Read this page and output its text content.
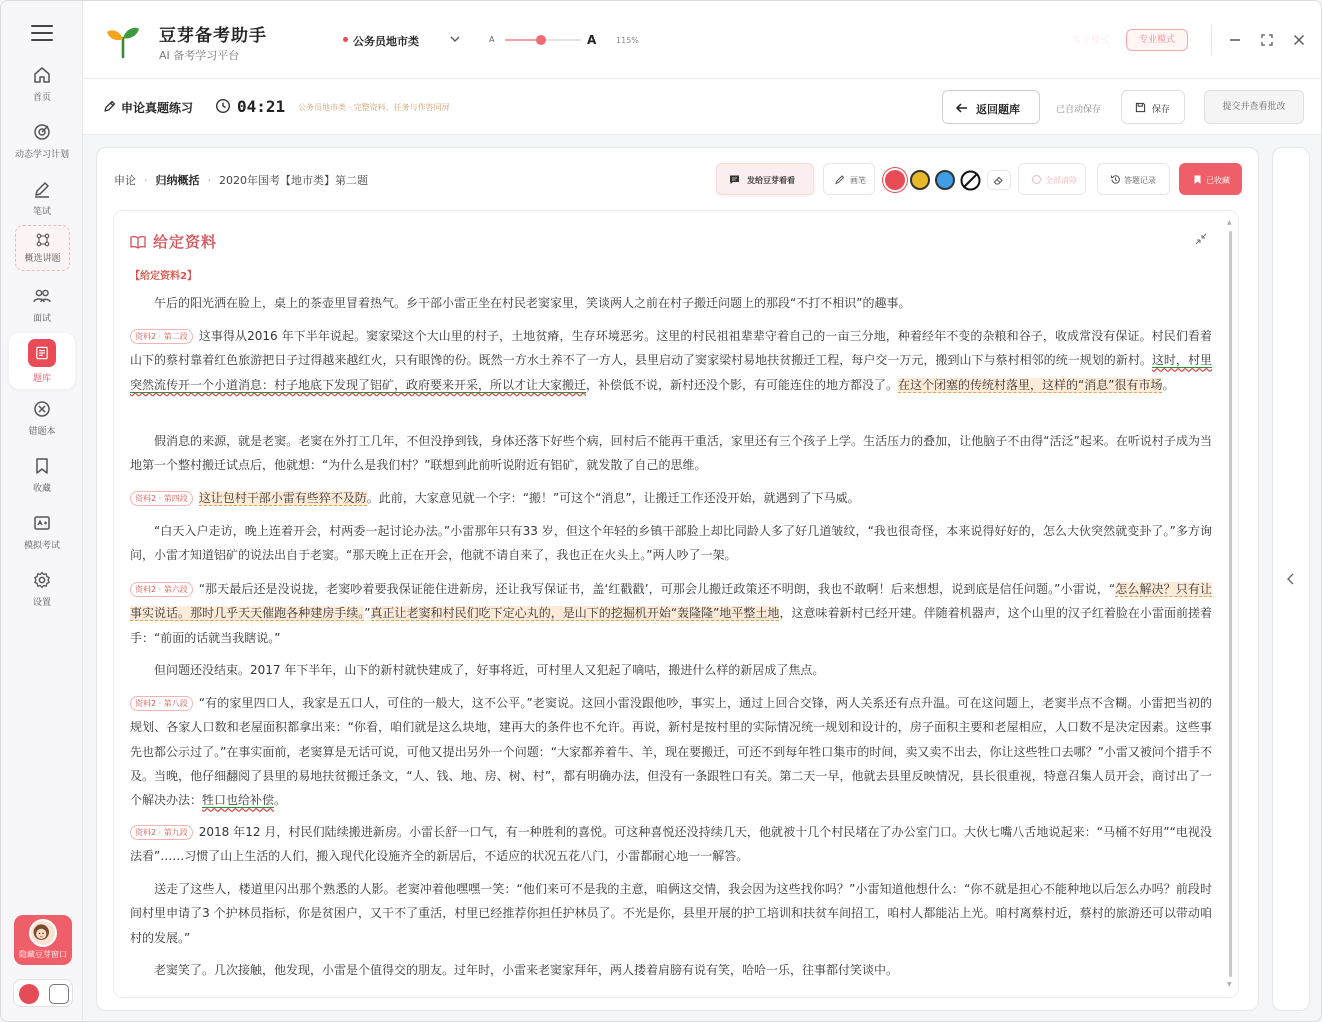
首页
动态学习计划
笔试
概选讲题
面试
题库
错题本
收藏
模拟考试
设置
隐藏豆芽窗口
豆芽备考助手
AI 备考学习平台
公务员地市类	A	A 115%	专业模式	专业模式
申论真题练习	04:21 公务员地市类 · 完整资料、任务与作答同屏	返回题库	已自动保存	保存	提交并查看批改
申论 · 归纳概括 · 2020年国考【地市类】第二题	发给豆芽看看	画笔	全部清除	答题记录	已收藏
给定资料
【给定资料2】
午后的阳光洒在脸上，桌上的茶壶里冒着热气。乡干部小雷正坐在村民老窦家里，笑谈两人之前在村子搬迁问题上的那段“不打不相识”的趣事。
资料2 · 第二段 这事得从2016 年下半年说起。窦家梁这个大山里的村子，土地贫瘠，生存环境恶劣。这里的村民祖祖辈辈守着自己的一亩三分地，种着经年不变的杂粮和谷子，收成常没有保证。村民们看着山下的蔡村靠着红色旅游把日子过得越来越红火，只有眼馋的份。既然一方水土养不了一方人，县里启动了窦家梁村易地扶贫搬迁工程，每户交一万元，搬到山下与蔡村相邻的统一规划的新村。这时，村里突然流传开一个小道消息：村子地底下发现了铝矿，政府要来开采，所以才让大家搬迁，补偿低不说，新村还没个影，有可能连住的地方都没了。在这个闭塞的传统村落里，这样的“消息”很有市场。
假消息的来源，就是老窦。老窦在外打工几年，不但没挣到钱，身体还落下好些个病，回村后不能再干重活，家里还有三个孩子上学。生活压力的叠加，让他脑子不由得“活泛”起来。在听说村子成为当地第一个整村搬迁试点后，他就想：“为什么是我们村？”联想到此前听说附近有铝矿，就发散了自己的思维。
资料2 · 第四段 这让包村干部小雷有些猝不及防。此前，大家意见就一个字：“搬！”可这个“消息”，让搬迁工作还没开始，就遇到了下马威。
“白天入户走访，晚上连着开会，村两委一起讨论办法。”小雷那年只有33 岁，但这个年轻的乡镇干部脸上却比同龄人多了好几道皱纹，“我也很奇怪，本来说得好好的，怎么大伙突然就变卦了。”多方询问，小雷才知道铝矿的说法出自于老窦。“那天晚上正在开会，他就不请自来了，我也正在火头上。”两人吵了一架。
资料2 · 第六段 “那天最后还是没说拢，老窦吵着要我保证能住进新房，还让我写保证书，盖‘红戳戳’，可那会儿搬迁政策还不明朗，我也不敢啊！后来想想，说到底是信任问题。”小雷说，“怎么解决？只有让事实说话。那时几乎天天催跑各种建房手续。”真正让老窦和村民们吃下定心丸的，是山下的挖掘机开始“轰隆隆”地平整土地，这意味着新村已经开建。伴随着机器声，这个山里的汉子红着脸在小雷面前搓着手：“前面的话就当我瞎说。”
但问题还没结束。2017 年下半年，山下的新村就快建成了，好事将近，可村里人又犯起了嘀咕，搬进什么样的新居成了焦点。
资料2 · 第八段 “有的家里四口人，我家是五口人，可住的一般大，这不公平。”老窦说。这回小雷没跟他吵，事实上，通过上回合交锋，两人关系还有点升温。可在这问题上，老窦半点不含糊。小雷把当初的规划、各家人口数和老屋面积都拿出来：“你看，咱们就是这么块地，建再大的条件也不允许。再说，新村是按村里的实际情况统一规划和设计的，房子面积主要和老屋相应，人口数不是决定因素。这些事先也都公示过了。”在事实面前，老窦算是无话可说，可他又提出另外一个问题：“大家都养着牛、羊，现在要搬迁，可还不到每年牲口集市的时间，卖又卖不出去，你让这些牲口去哪？”小雷又被问个措手不及。当晚，他仔细翻阅了县里的易地扶贫搬迁条文，“人、钱、地、房、树、村”，都有明确办法，但没有一条跟牲口有关。第二天一早，他就去县里反映情况，县长很重视，特意召集人员开会，商讨出了一个解决办法：牲口也给补偿。
资料2 · 第九段 2018 年12 月，村民们陆续搬进新房。小雷长舒一口气，有一种胜利的喜悦。可这种喜悦还没持续几天，他就被十几个村民堵在了办公室门口。大伙七嘴八舌地说起来：“马桶不好用”“电视没法看”……习惯了山上生活的人们，搬入现代化设施齐全的新居后，不适应的状况五花八门，小雷都耐心地一一解答。
送走了这些人，楼道里闪出那个熟悉的人影。老窦冲着他嘿嘿一笑：“他们来可不是我的主意，咱俩这交情，我会因为这些找你吗？”小雷知道他想什么：“你不就是担心不能种地以后怎么办吗？前段时间村里申请了3 个护林员指标，你是贫困户，又干不了重活，村里已经推荐你担任护林员了。不光是你，县里开展的护工培训和扶贫车间招工，咱村人都能沾上光。咱村离蔡村近，蔡村的旅游还可以带动咱村的发展。”
老窦笑了。几次接触，他发现，小雷是个值得交的朋友。过年时，小雷来老窦家拜年，两人搂着肩膀有说有笑，哈哈一乐，往事都付笑谈中。
▲
▼
